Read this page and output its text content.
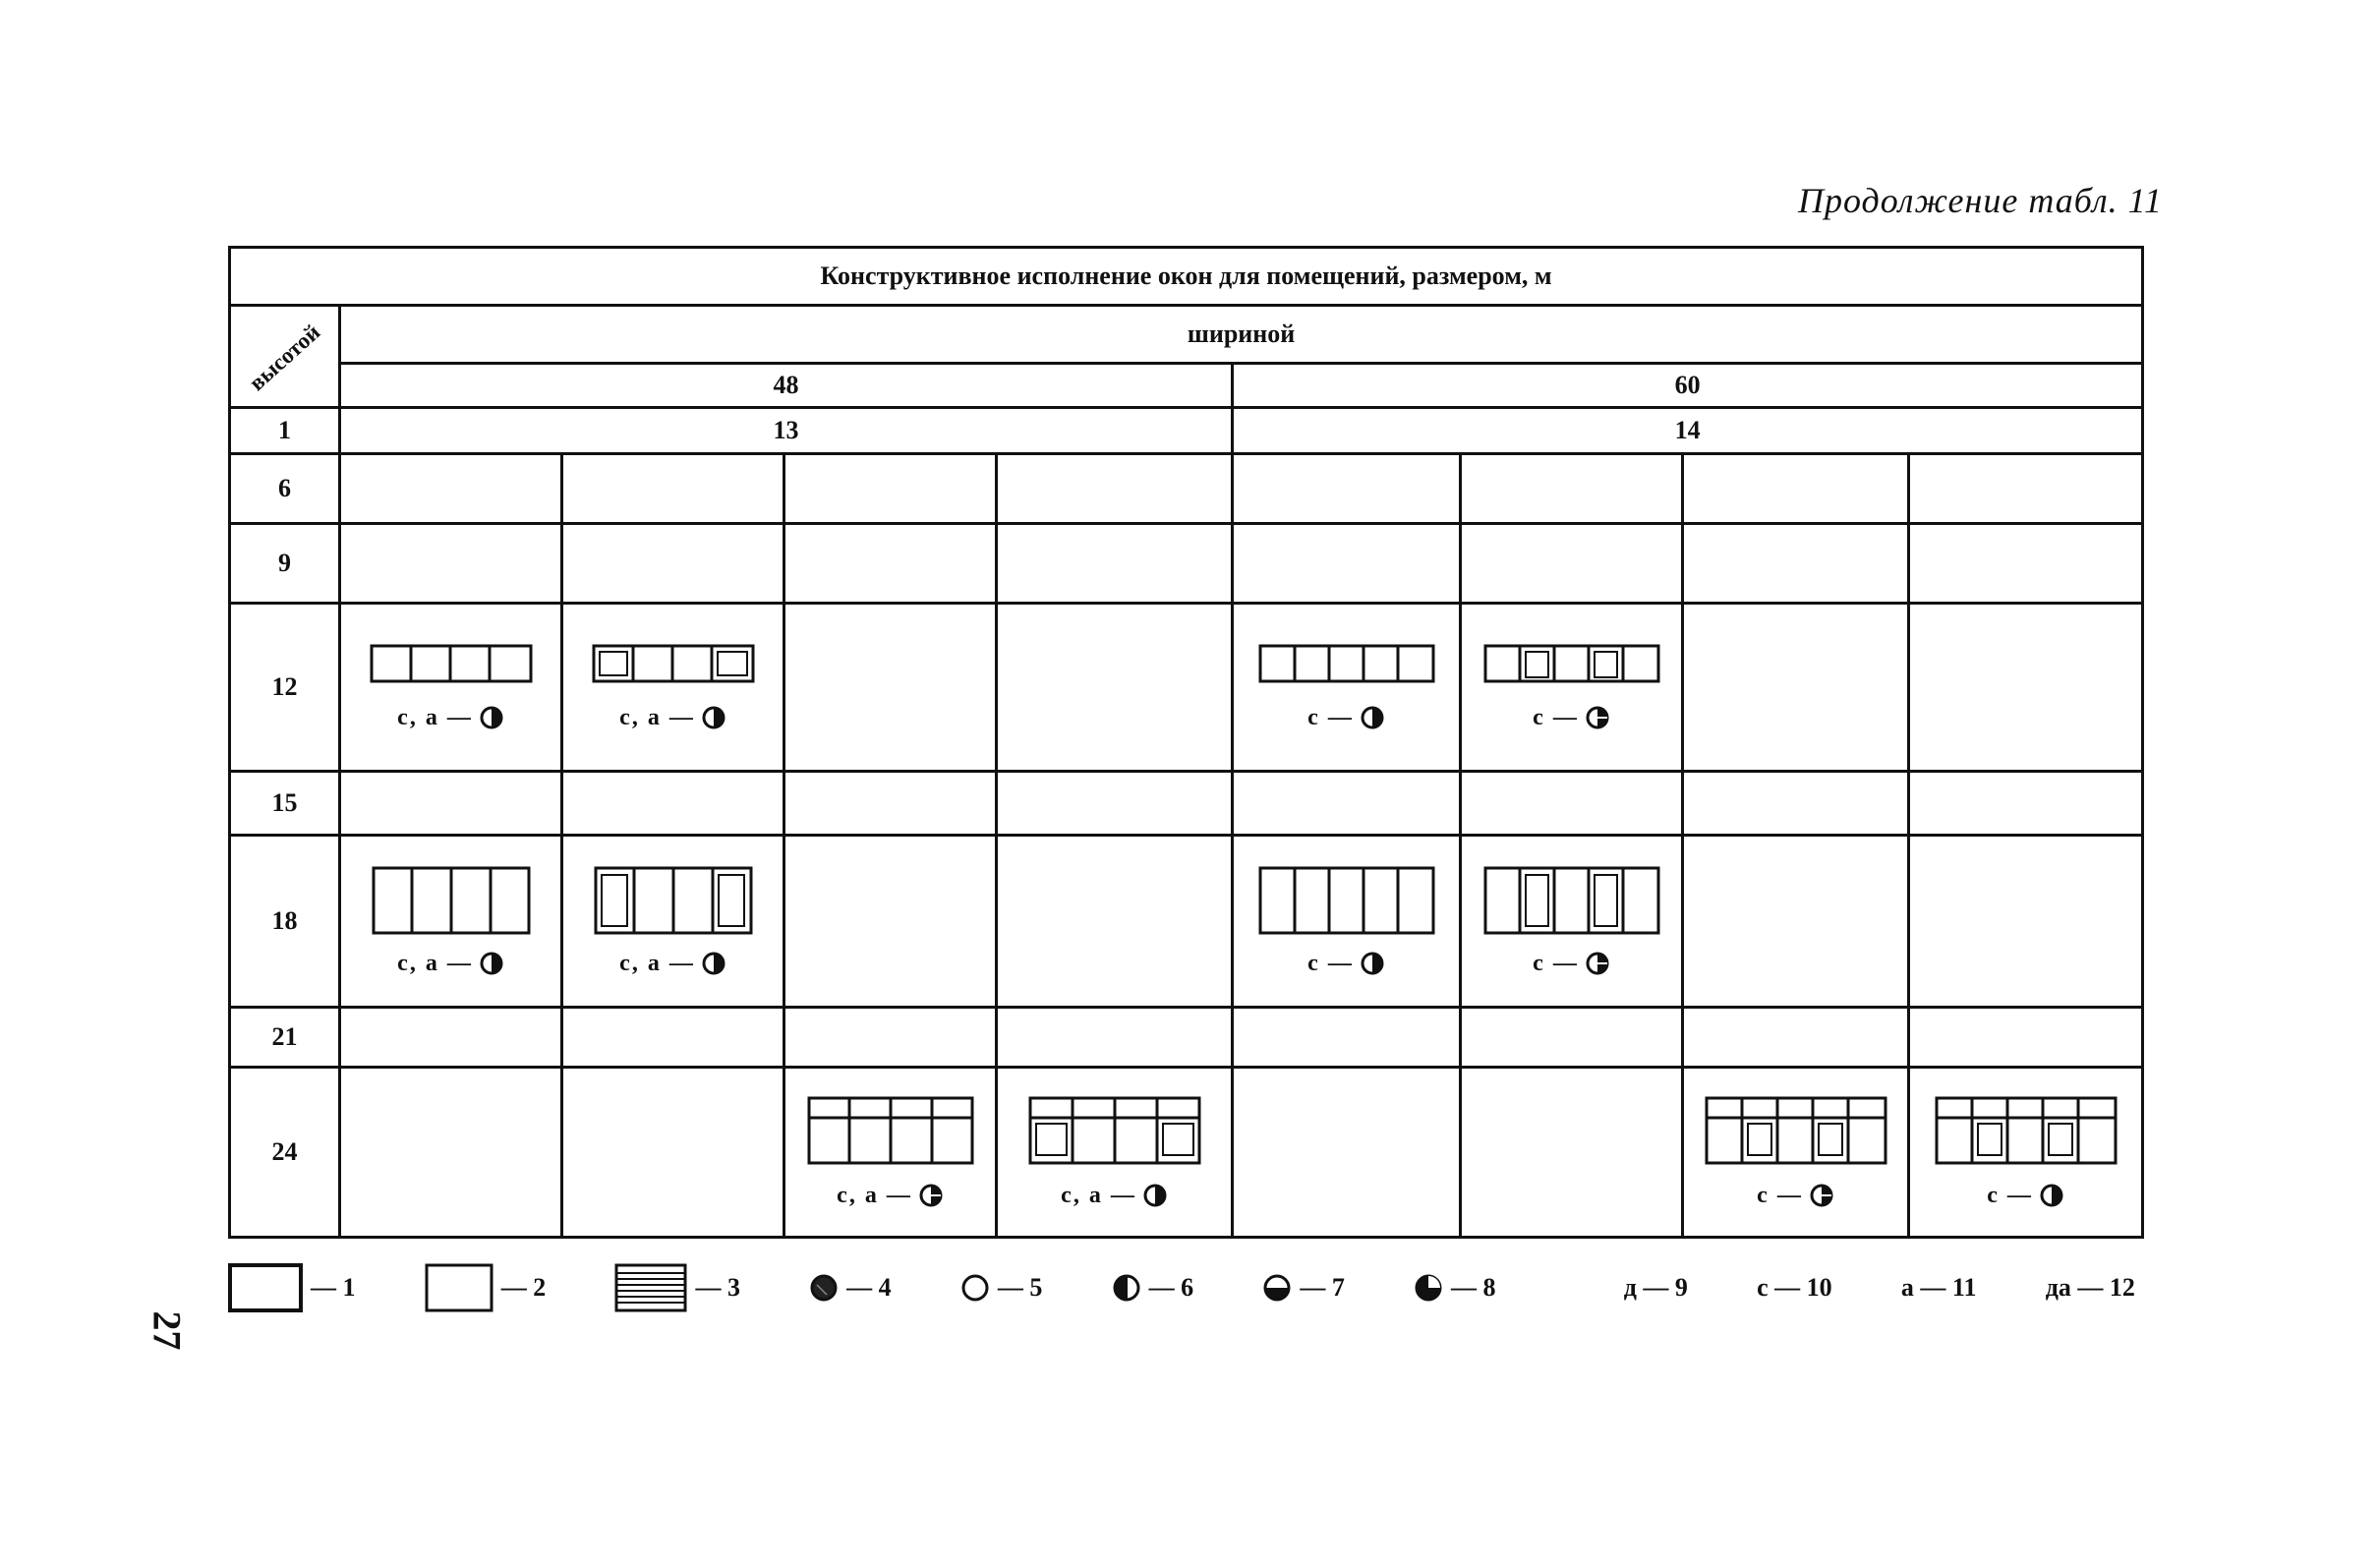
Продолжение табл. 11
27
Конструктивное исполнение окон для помещений, размером, м								
высотой	шириной							
	48				60			
1	13				14			
6								
9								
12	с, а —	с, а —			с —	с —		

15								
18	с, а —	с, а —			с —	с —		

21								
24			с, а —	с, а —			с —	с —
— 1	— 2	— 3	— 4	— 5	— 6	— 7	— 8	д — 9	с — 10	а — 11	да — 12
